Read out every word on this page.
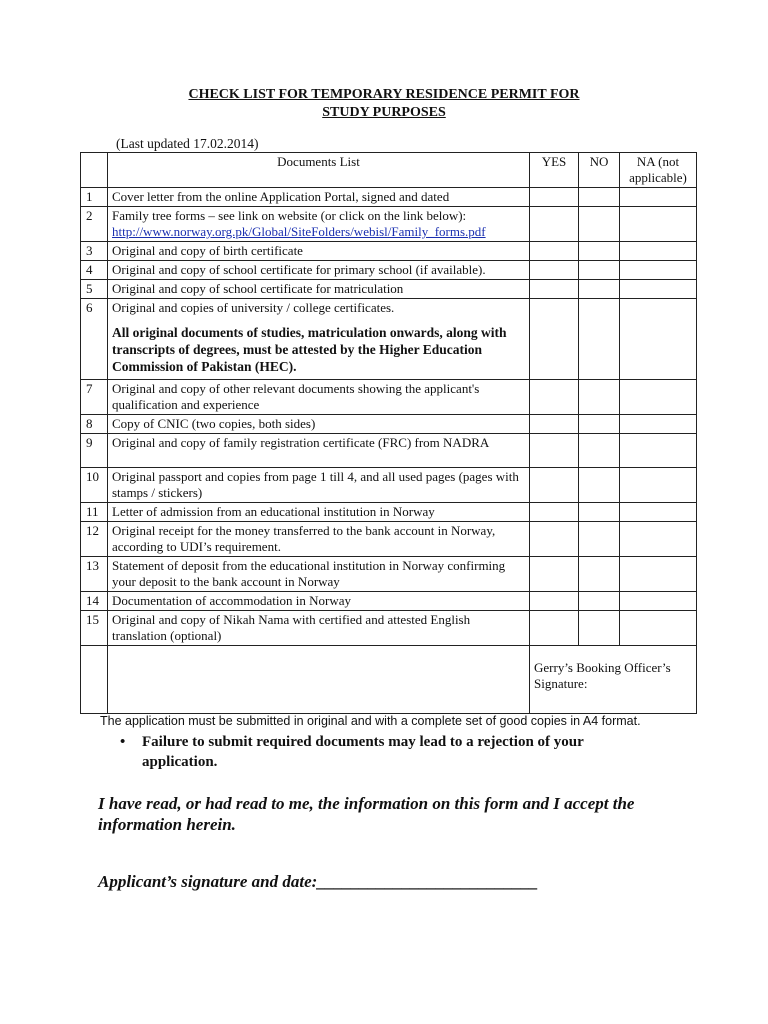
CHECK LIST FOR TEMPORARY RESIDENCE PERMIT FOR
STUDY PURPOSES
(Last updated 17.02.2014)
	Documents List	YES	NO	NA (not applicable)
1	Cover letter from the online Application Portal, signed and dated			
2	Family tree forms – see link on website (or click on the link below):
http://www.norway.org.pk/Global/SiteFolders/webisl/Family_forms.pdf			
3	Original and copy of birth certificate			
4	Original and copy of school certificate for primary school (if available).			
5	Original and copy of school certificate for matriculation			
6	Original and copies of university / college certificates.
All original documents of studies, matriculation onwards, along with transcripts of degrees, must be attested by the Higher Education Commission of Pakistan (HEC).			

7	Original and copy of other relevant documents showing the applicant's qualification and experience			
8	Copy of CNIC (two copies, both sides)			
9	Original and copy of family registration certificate (FRC) from NADRA			
10	Original passport and copies from page 1 till 4, and all used pages (pages with stamps / stickers)			
11	Letter of admission from an educational institution in Norway			
12	Original receipt for the money transferred to the bank account in Norway, according to UDI’s requirement.			
13	Statement of deposit from the educational institution in Norway confirming your deposit to the bank account in Norway			
14	Documentation of accommodation in Norway			
15	Original and copy of Nikah Nama with certified and attested English translation (optional)			
		Gerry’s Booking Officer’s Signature:		
The application must be submitted in original and with a complete set of good copies in A4 format.
• Failure to submit required documents may lead to a rejection of your application.
I have read, or had read to me, the information on this form and I accept the information herein.
Applicant’s signature and date:__________________________
